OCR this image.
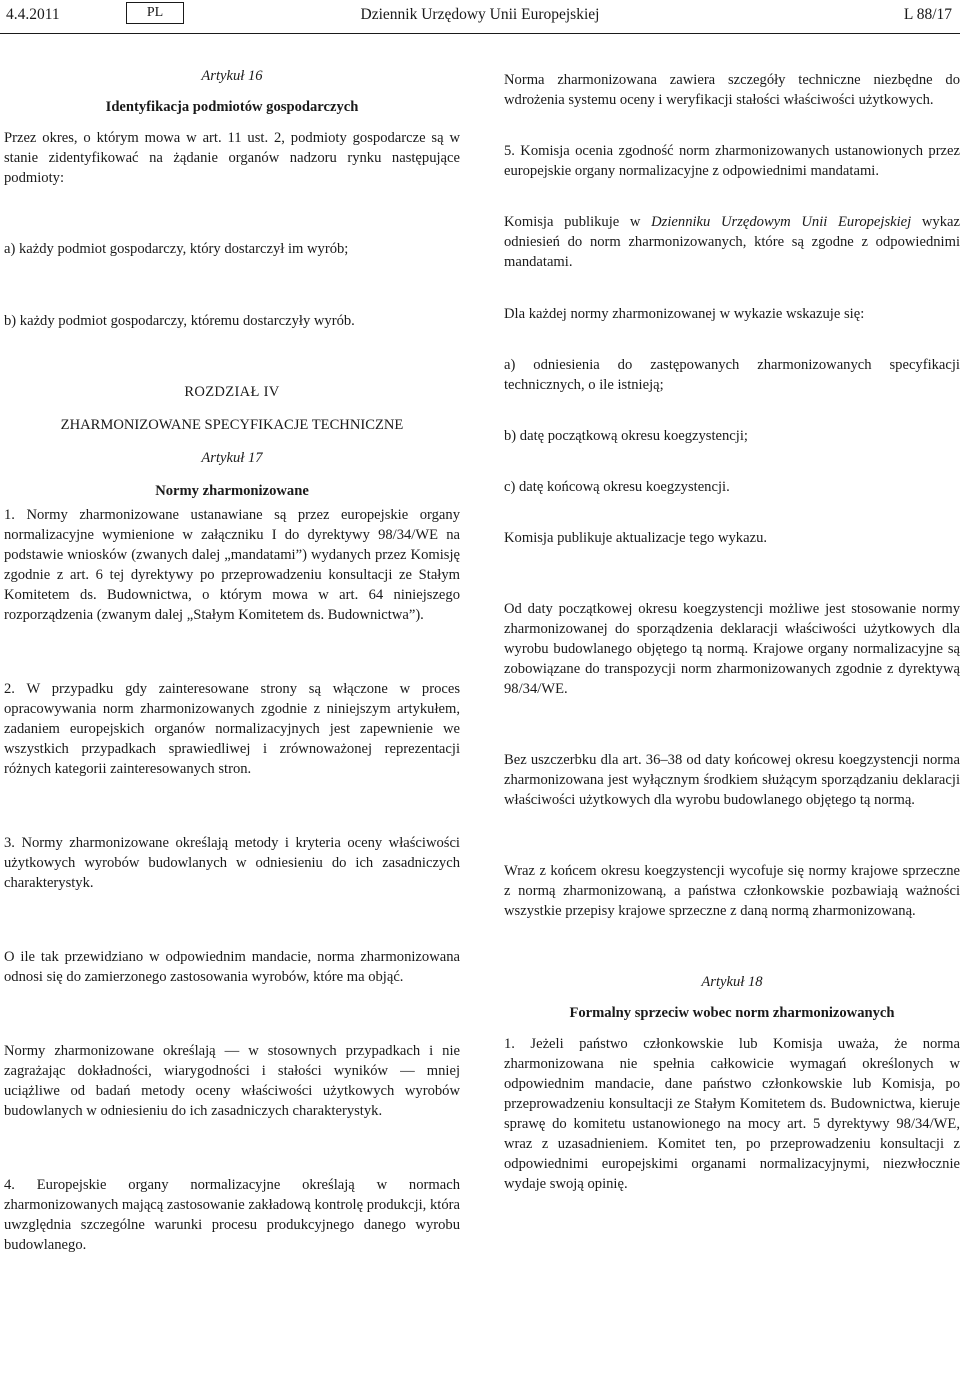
4.4.2011	PL	Dziennik Urzędowy Unii Europejskiej	L 88/17
Artykuł 16
Identyfikacja podmiotów gospodarczych

Przez okres, o którym mowa w art. 11 ust. 2, podmioty gospodarcze są w stanie zidentyfikować na żądanie organów nadzoru rynku następujące podmioty:

a) każdy podmiot gospodarczy, który dostarczył im wyrób;
b) każdy podmiot gospodarczy, któremu dostarczyły wyrób.
ROZDZIAŁ IV
ZHARMONIZOWANE SPECYFIKACJE TECHNICZNE
Artykuł 17
Normy zharmonizowane

1. Normy zharmonizowane ustanawiane są przez europejskie organy normalizacyjne wymienione w załączniku I do dyrektywy 98/34/WE na podstawie wniosków (zwanych dalej „mandatami”) wydanych przez Komisję zgodnie z art. 6 tej dyrektywy po przeprowadzeniu konsultacji ze Stałym Komitetem ds. Budownictwa, o którym mowa w art. 64 niniejszego rozporządzenia (zwanym dalej „Stałym Komitetem ds. Budownictwa”).

2. W przypadku gdy zainteresowane strony są włączone w proces opracowywania norm zharmonizowanych zgodnie z niniejszym artykułem, zadaniem europejskich organów normalizacyjnych jest zapewnienie we wszystkich przypadkach sprawiedliwej i zrównoważonej reprezentacji różnych kategorii zainteresowanych stron.

3. Normy zharmonizowane określają metody i kryteria oceny właściwości użytkowych wyrobów budowlanych w odniesieniu do ich zasadniczych charakterystyk.

O ile tak przewidziano w odpowiednim mandacie, norma zharmonizowana odnosi się do zamierzonego zastosowania wyrobów, które ma objąć.

Normy zharmonizowane określają — w stosownych przypadkach i nie zagrażając dokładności, wiarygodności i stałości wyników — mniej uciążliwe od badań metody oceny właściwości użytkowych wyrobów budowlanych w odniesieniu do ich zasadniczych charakterystyk.

4. Europejskie organy normalizacyjne określają w normach zharmonizowanych mającą zastosowanie zakładową kontrolę produkcji, która uwzględnia szczególne warunki procesu produkcyjnego danego wyrobu budowlanego.

Norma zharmonizowana zawiera szczegóły techniczne niezbędne do wdrożenia systemu oceny i weryfikacji stałości właściwości użytkowych.

5. Komisja ocenia zgodność norm zharmonizowanych ustanowionych przez europejskie organy normalizacyjne z odpowiednimi mandatami.

Komisja publikuje w Dzienniku Urzędowym Unii Europejskiej wykaz odniesień do norm zharmonizowanych, które są zgodne z odpowiednimi mandatami.

Dla każdej normy zharmonizowanej w wykazie wskazuje się:

a) odniesienia do zastępowanych zharmonizowanych specyfikacji technicznych, o ile istnieją;

b) datę początkową okresu koegzystencji;

c) datę końcową okresu koegzystencji.

Komisja publikuje aktualizacje tego wykazu.

Od daty początkowej okresu koegzystencji możliwe jest stosowanie normy zharmonizowanej do sporządzenia deklaracji właściwości użytkowych dla wyrobu budowlanego objętego tą normą. Krajowe organy normalizacyjne są zobowiązane do transpozycji norm zharmonizowanych zgodnie z dyrektywą 98/34/WE.

Bez uszczerbku dla art. 36–38 od daty końcowej okresu koegzystencji norma zharmonizowana jest wyłącznym środkiem służącym sporządzaniu deklaracji właściwości użytkowych dla wyrobu budowlanego objętego tą normą.

Wraz z końcem okresu koegzystencji wycofuje się normy krajowe sprzeczne z normą zharmonizowaną, a państwa członkowskie pozbawiają ważności wszystkie przepisy krajowe sprzeczne z daną normą zharmonizowaną.

Artykuł 18
Formalny sprzeciw wobec norm zharmonizowanych

1. Jeżeli państwo członkowskie lub Komisja uważa, że norma zharmonizowana nie spełnia całkowicie wymagań określonych w odpowiednim mandacie, dane państwo członkowskie lub Komisja, po przeprowadzeniu konsultacji ze Stałym Komitetem ds. Budownictwa, kieruje sprawę do komitetu ustanowionego na mocy art. 5 dyrektywy 98/34/WE, wraz z uzasadnieniem. Komitet ten, po przeprowadzeniu konsultacji z odpowiednimi europejskimi organami normalizacyjnymi, niezwłocznie wydaje swoją opinię.
